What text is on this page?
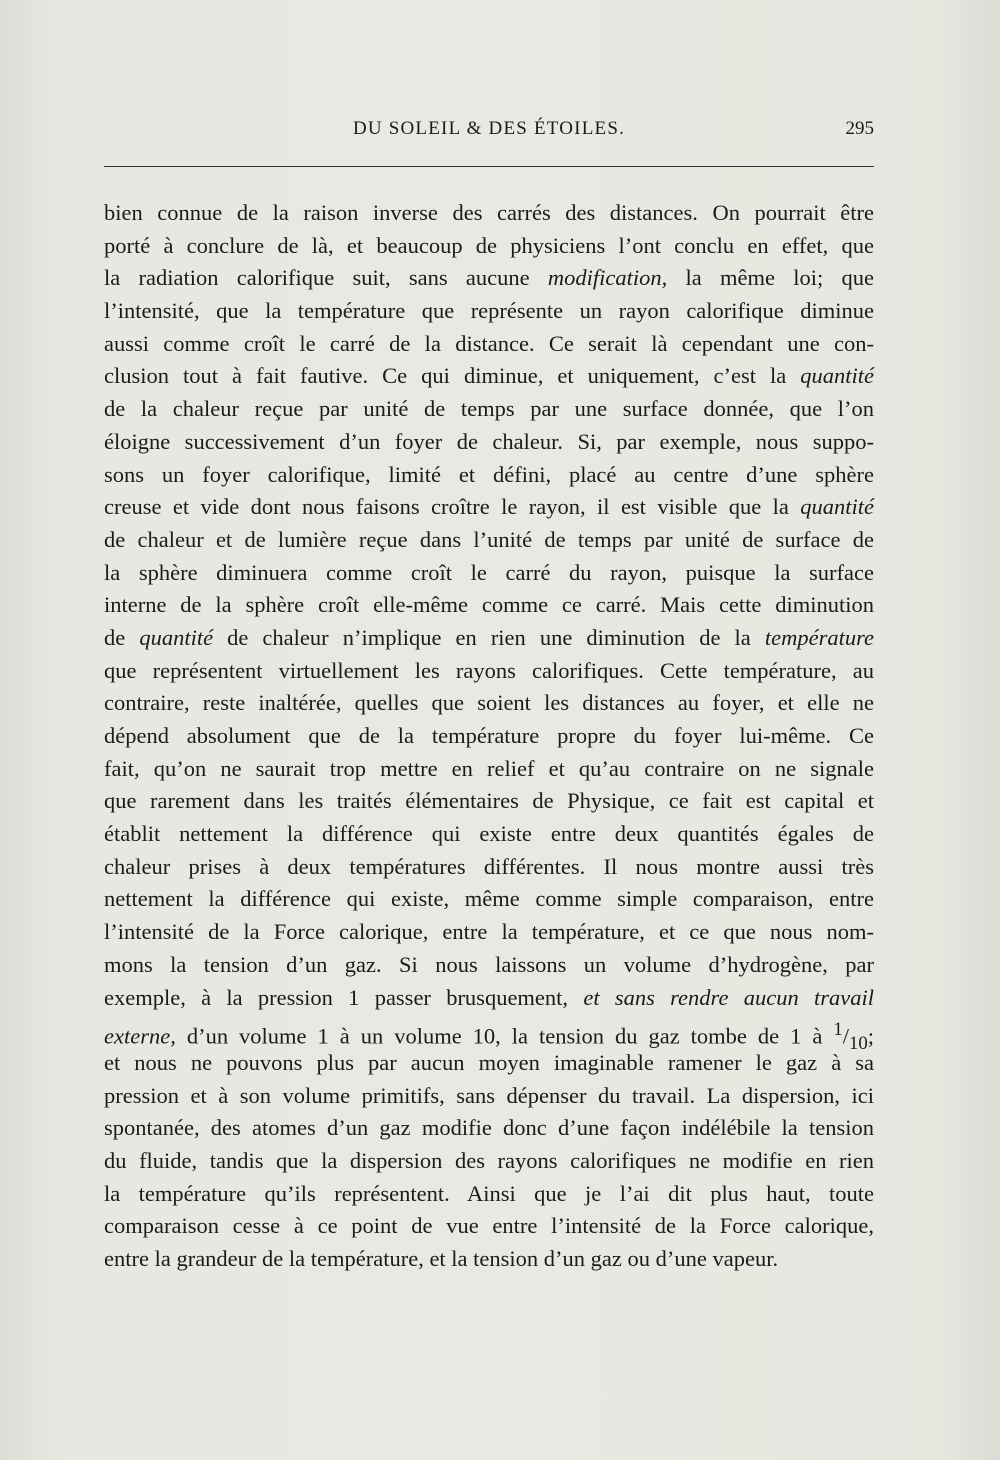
DU SOLEIL & DES ÉTOILES.	295
bien connue de la raison inverse des carrés des distances. On pourrait être
porté à conclure de là, et beaucoup de physiciens l’ont conclu en effet, que
la radiation calorifique suit, sans aucune modification, la même loi; que
l’intensité, que la température que représente un rayon calorifique diminue
aussi comme croît le carré de la distance. Ce serait là cependant une con-
clusion tout à fait fautive. Ce qui diminue, et uniquement, c’est la quantité
de la chaleur reçue par unité de temps par une surface donnée, que l’on
éloigne successivement d’un foyer de chaleur. Si, par exemple, nous suppo-
sons un foyer calorifique, limité et défini, placé au centre d’une sphère
creuse et vide dont nous faisons croître le rayon, il est visible que la quantité
de chaleur et de lumière reçue dans l’unité de temps par unité de surface de
la sphère diminuera comme croît le carré du rayon, puisque la surface
interne de la sphère croît elle-même comme ce carré. Mais cette diminution
de quantité de chaleur n’implique en rien une diminution de la température
que représentent virtuellement les rayons calorifiques. Cette température, au
contraire, reste inaltérée, quelles que soient les distances au foyer, et elle ne
dépend absolument que de la température propre du foyer lui-même. Ce
fait, qu’on ne saurait trop mettre en relief et qu’au contraire on ne signale
que rarement dans les traités élémentaires de Physique, ce fait est capital et
établit nettement la différence qui existe entre deux quantités égales de
chaleur prises à deux températures différentes. Il nous montre aussi très
nettement la différence qui existe, même comme simple comparaison, entre
l’intensité de la Force calorique, entre la température, et ce que nous nom-
mons la tension d’un gaz. Si nous laissons un volume d’hydrogène, par
exemple, à la pression 1 passer brusquement, et sans rendre aucun travail
externe, d’un volume 1 à un volume 10, la tension du gaz tombe de 1 à $^1/_{10}$;
et nous ne pouvons plus par aucun moyen imaginable ramener le gaz à sa
pression et à son volume primitifs, sans dépenser du travail. La dispersion, ici
spontanée, des atomes d’un gaz modifie donc d’une façon indélébile la tension
du fluide, tandis que la dispersion des rayons calorifiques ne modifie en rien
la température qu’ils représentent. Ainsi que je l’ai dit plus haut, toute
comparaison cesse à ce point de vue entre l’intensité de la Force calorique,
entre la grandeur de la température, et la tension d’un gaz ou d’une vapeur.
